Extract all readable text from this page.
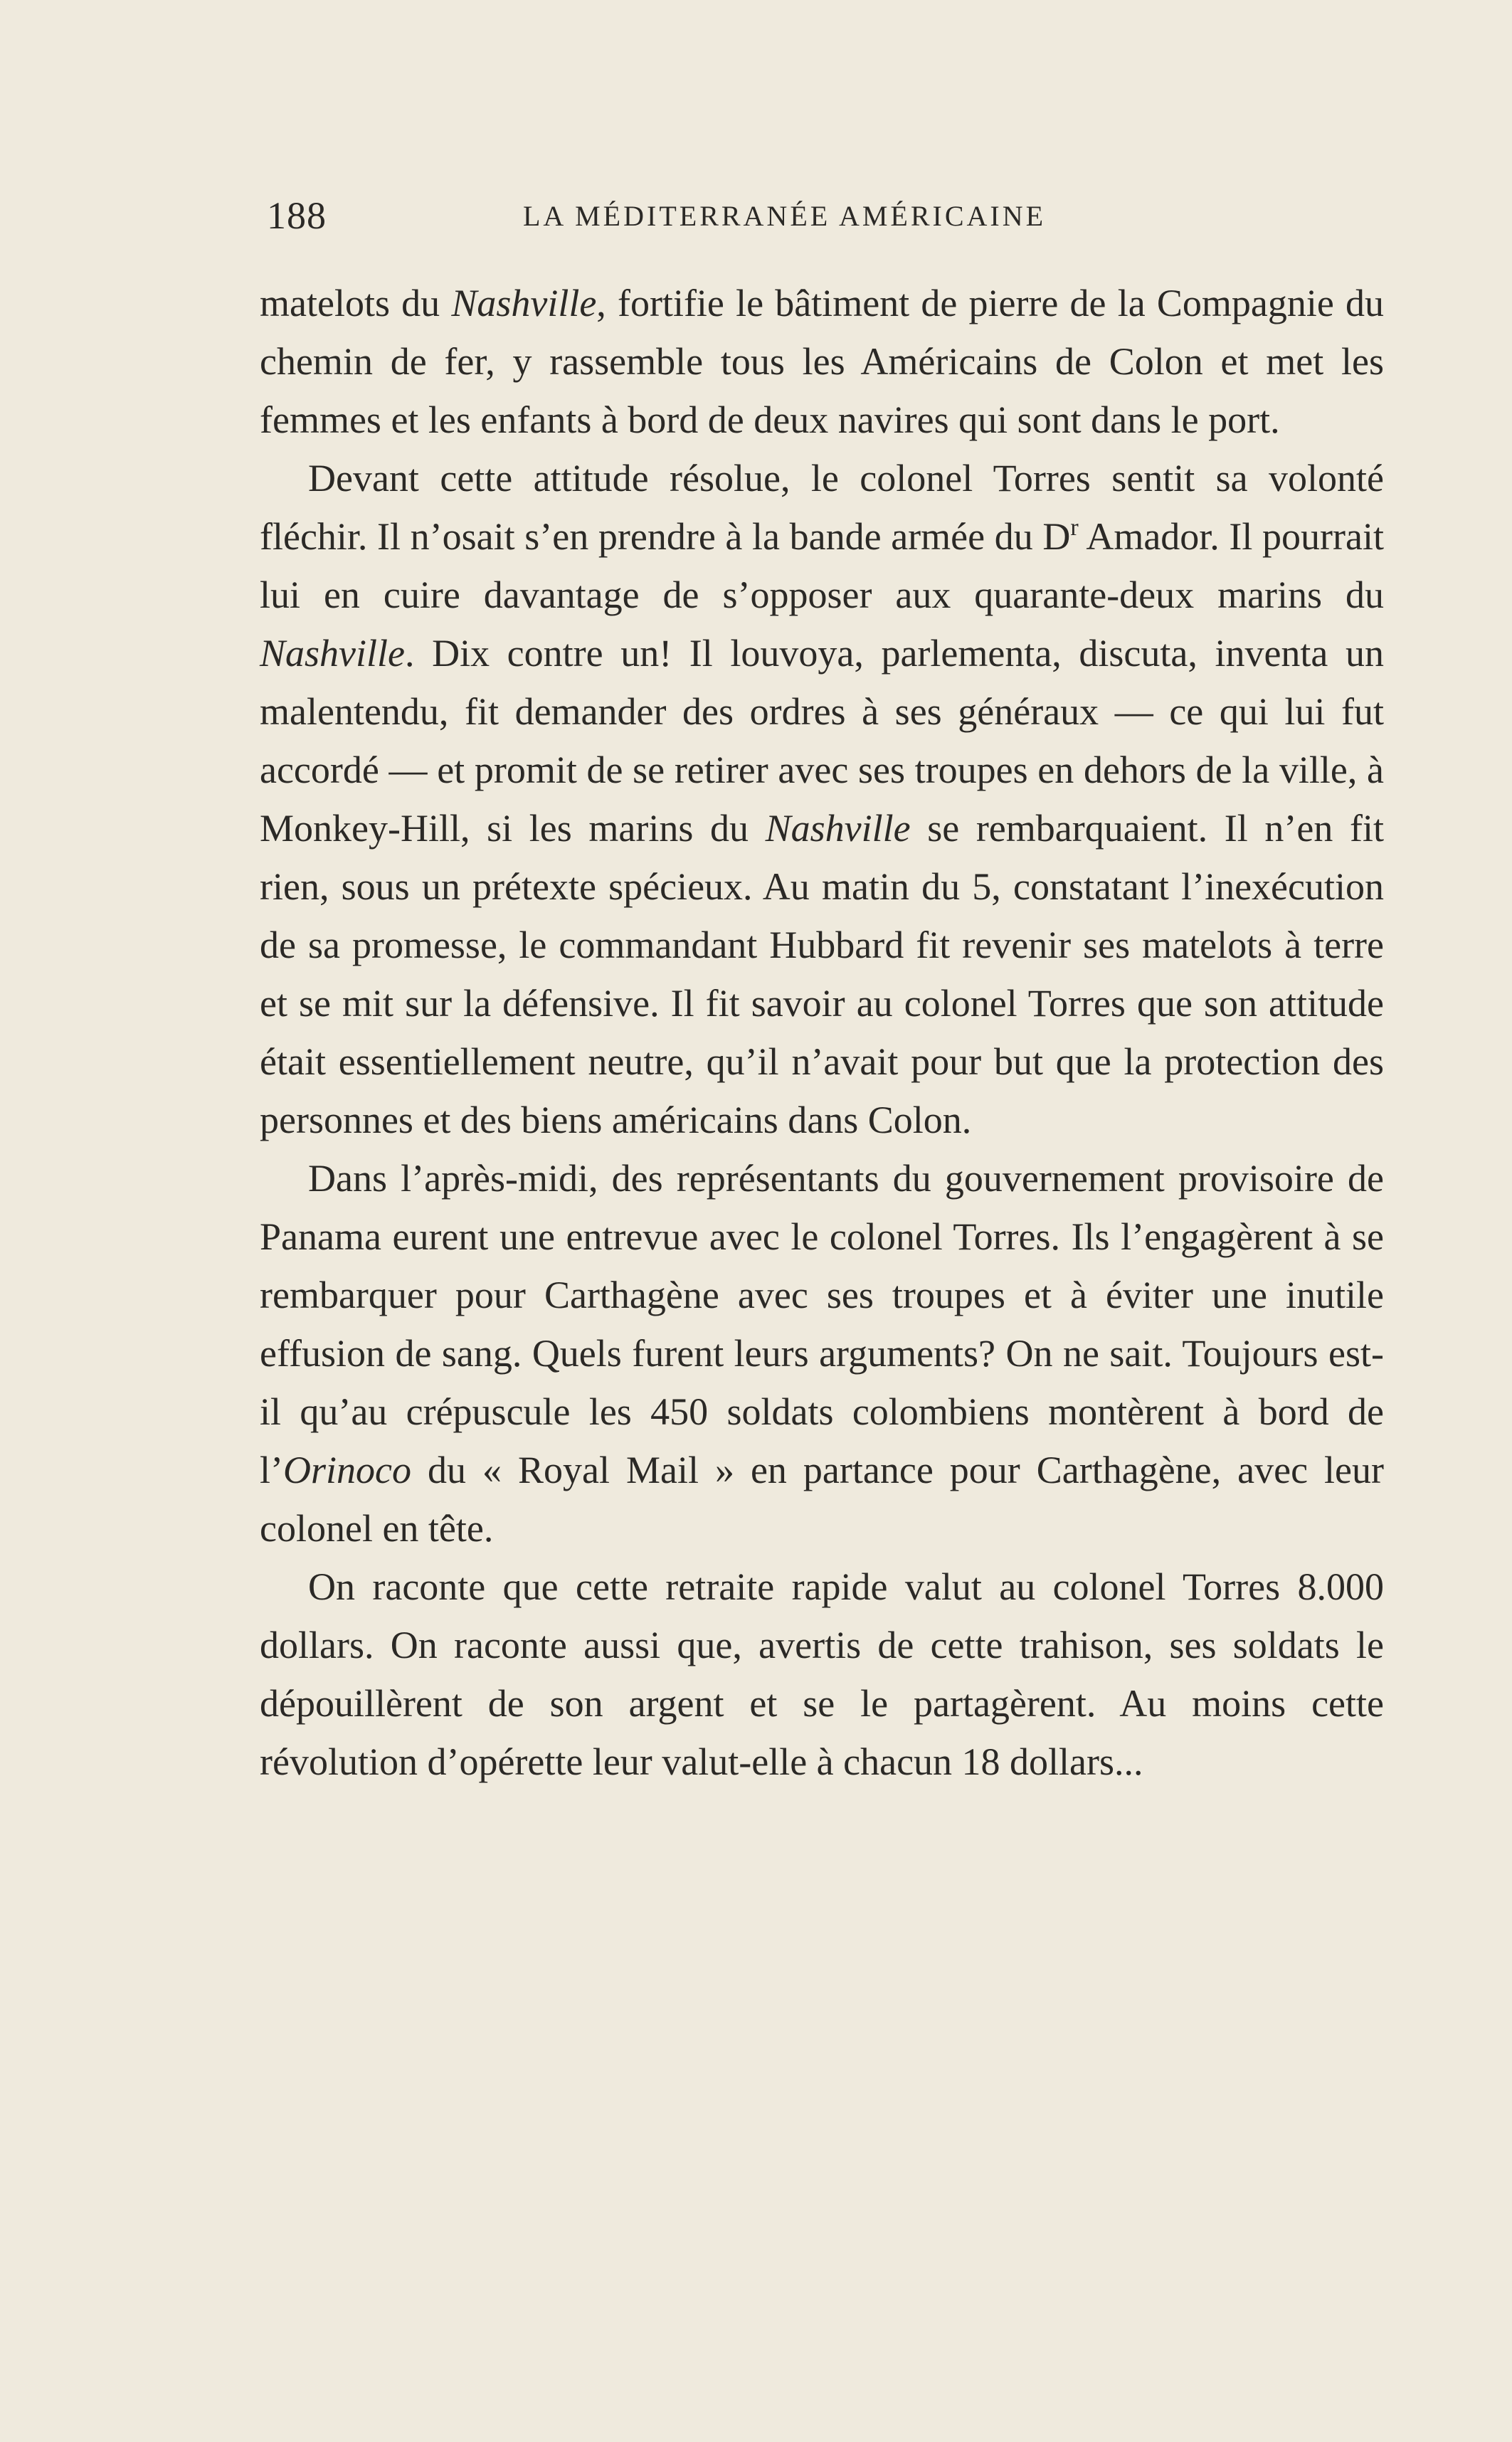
188	LA MÉDITERRANÉE AMÉRICAINE

matelots du Nashville, fortifie le bâtiment de pierre de la Compagnie du chemin de fer, y rassemble tous les Américains de Colon et met les femmes et les enfants à bord de deux navires qui sont dans le port.

Devant cette attitude résolue, le colonel Torres sentit sa volonté fléchir. Il n’osait s’en prendre à la bande armée du $D^r$ Amador. Il pourrait lui en cuire davantage de s’opposer aux quarante-deux marins du Nashville. Dix contre un! Il louvoya, parlementa, discuta, inventa un malentendu, fit demander des ordres à ses généraux — ce qui lui fut accordé — et promit de se retirer avec ses troupes en dehors de la ville, à Monkey-Hill, si les marins du Nashville se rembarquaient. Il n’en fit rien, sous un prétexte spécieux. Au matin du 5, constatant l’inexécution de sa promesse, le commandant Hubbard fit revenir ses matelots à terre et se mit sur la défensive. Il fit savoir au colonel Torres que son attitude était essentiellement neutre, qu’il n’avait pour but que la protection des personnes et des biens américains dans Colon.

Dans l’après-midi, des représentants du gouvernement provisoire de Panama eurent une entrevue avec le colonel Torres. Ils l’engagèrent à se rembarquer pour Carthagène avec ses troupes et à éviter une inutile effusion de sang. Quels furent leurs arguments? On ne sait. Toujours est-il qu’au crépuscule les 450 soldats colombiens montèrent à bord de l’Orinoco du « Royal Mail » en partance pour Carthagène, avec leur colonel en tête.

On raconte que cette retraite rapide valut au colonel Torres 8.000 dollars. On raconte aussi que, avertis de cette trahison, ses soldats le dépouillèrent de son argent et se le partagèrent. Au moins cette révolution d’opérette leur valut-elle à chacun 18 dollars...
